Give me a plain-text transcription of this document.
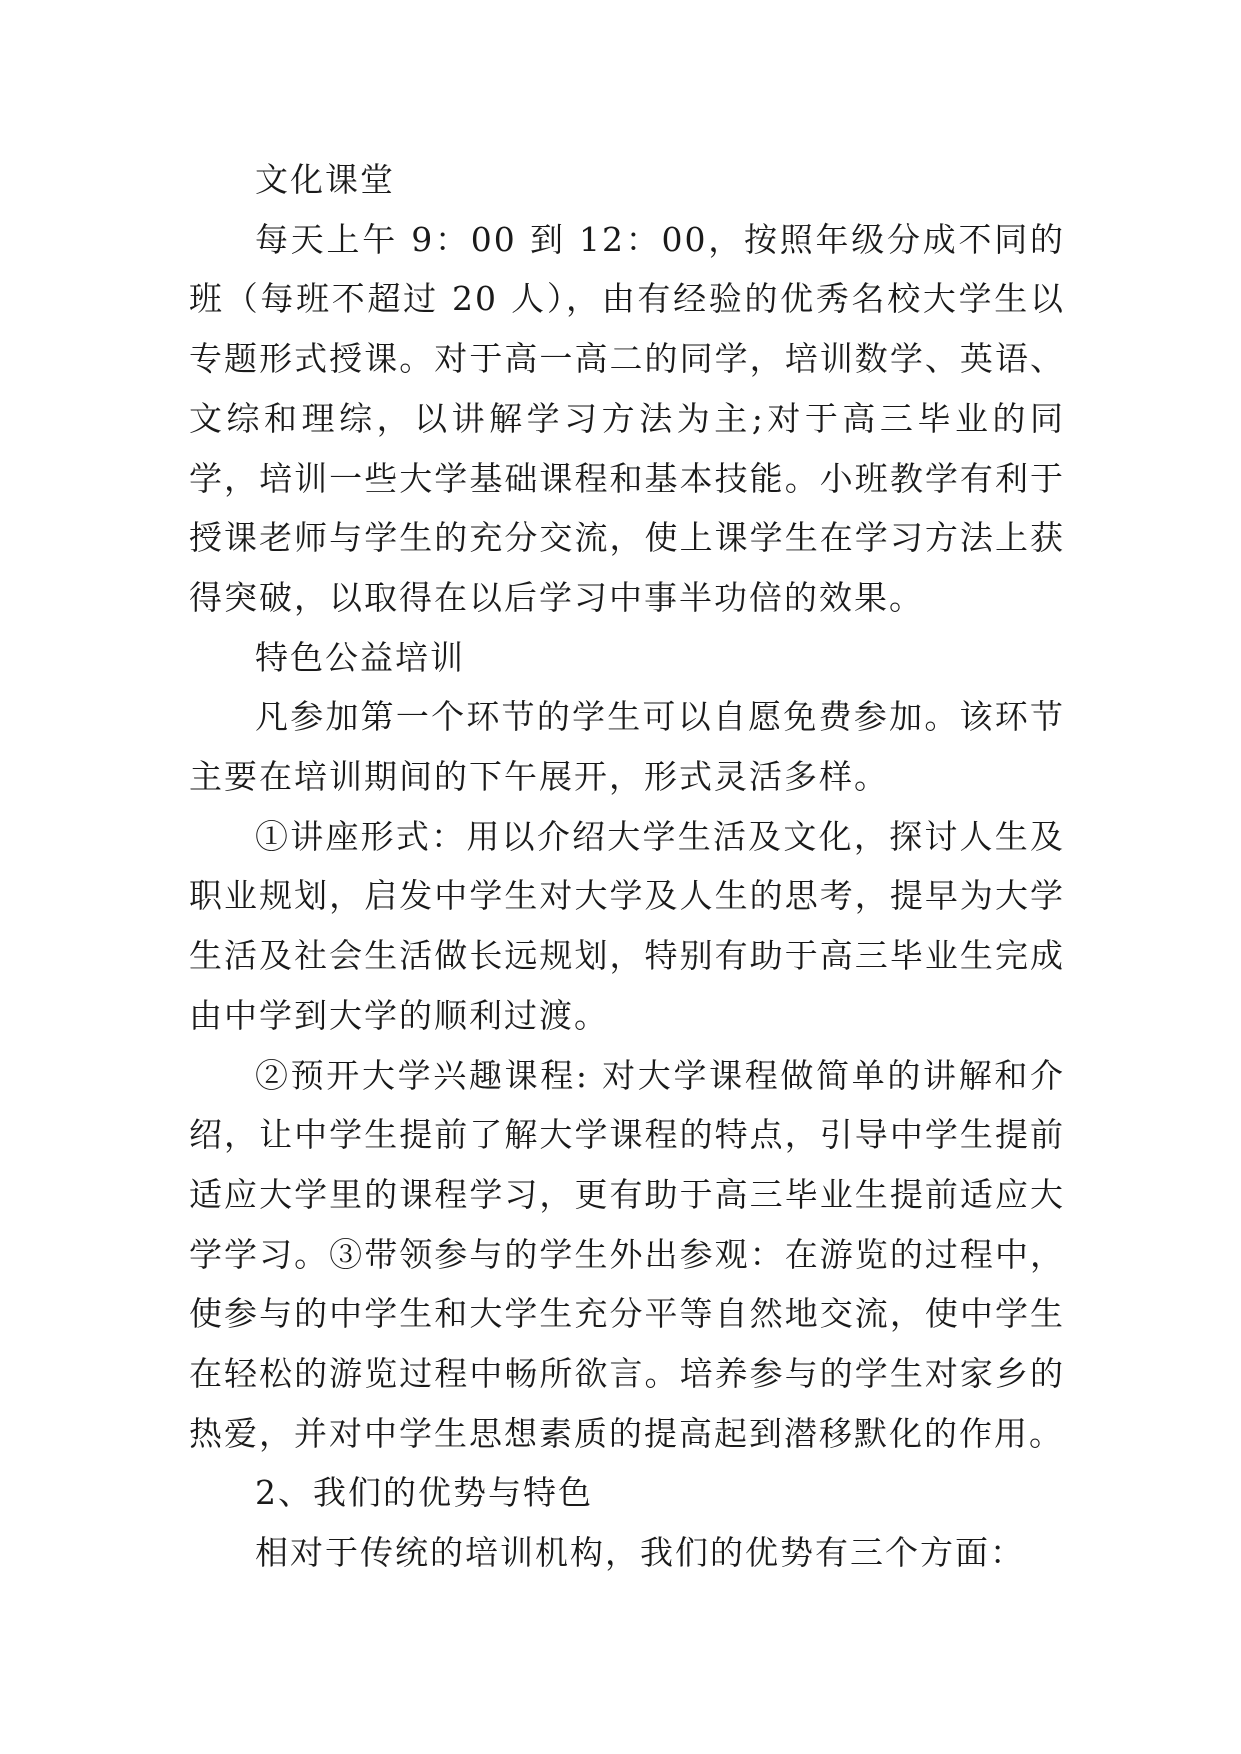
文化课堂

每天上午 9：00 到 12：00，按照年级分成不同的班（每班不超过 20 人），由有经验的优秀名校大学生以专题形式授课。对于高一高二的同学，培训数学、英语、文综和理综，以讲解学习方法为主;对于高三毕业的同学，培训一些大学基础课程和基本技能。小班教学有利于授课老师与学生的充分交流，使上课学生在学习方法上获得突破，以取得在以后学习中事半功倍的效果。

特色公益培训

凡参加第一个环节的学生可以自愿免费参加。该环节主要在培训期间的下午展开，形式灵活多样。

①讲座形式：用以介绍大学生活及文化，探讨人生及职业规划，启发中学生对大学及人生的思考，提早为大学生活及社会生活做长远规划，特别有助于高三毕业生完成由中学到大学的顺利过渡。

②预开大学兴趣课程: 对大学课程做简单的讲解和介绍，让中学生提前了解大学课程的特点，引导中学生提前适应大学里的课程学习，更有助于高三毕业生提前适应大学学习。③带领参与的学生外出参观：在游览的过程中，使参与的中学生和大学生充分平等自然地交流，使中学生在轻松的游览过程中畅所欲言。培养参与的学生对家乡的热爱，并对中学生思想素质的提高起到潜移默化的作用。

2、我们的优势与特色

相对于传统的培训机构，我们的优势有三个方面：
